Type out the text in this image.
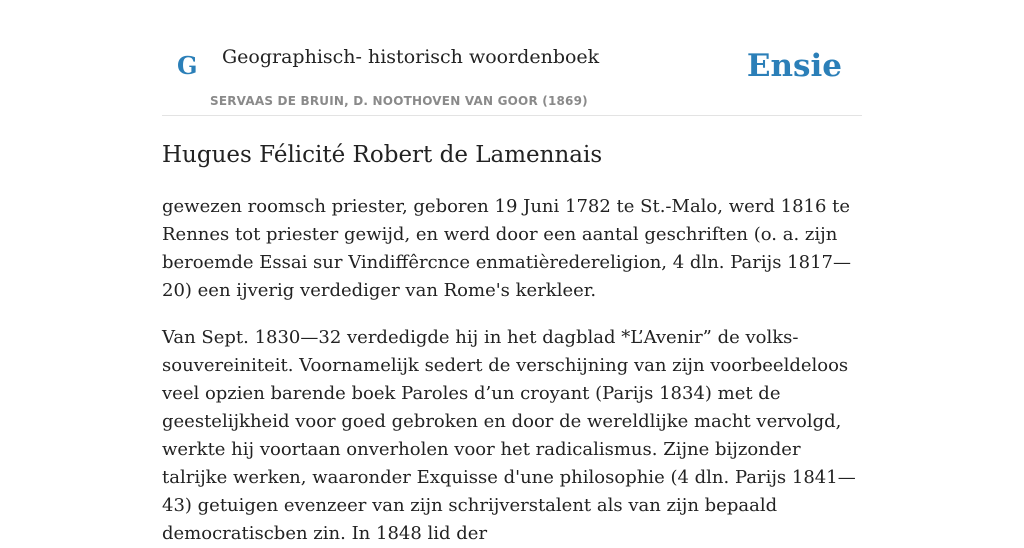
G Geographisch- historisch woordenboek
SERVAAS DE BRUIN, D. NOOTHOVEN VAN GOOR (1869)
Ensie
Hugues Félicité Robert de Lamennais

gewezen roomsch priester, geboren 19 Juni 1782 te St.-Malo, werd 1816 te Rennes tot priester gewijd, en werd door een aantal geschriften (o. a. zijn beroemde Essai sur Vindiffêrcnce enmatièredereligion, 4 dln. Parijs 1817—20) een ijverig verdediger van Rome's kerkleer.

Van Sept. 1830—32 verdedigde hij in het dagblad *L’Avenir” de volks-souvereiniteit. Voornamelijk sedert de verschijning van zijn voorbeeldeloos veel opzien barende boek Paroles d’un croyant (Parijs 1834) met de geestelijkheid voor goed gebroken en door de wereldlijke macht vervolgd, werkte hij voortaan onverholen voor het radicalismus. Zijne bijzonder talrijke werken, waaronder Exquisse d'une philosophie (4 dln. Parijs 1841—43) getuigen evenzeer van zijn schrijverstalent als van zijn bepaald democratiscben zin. In 1848 lid der
